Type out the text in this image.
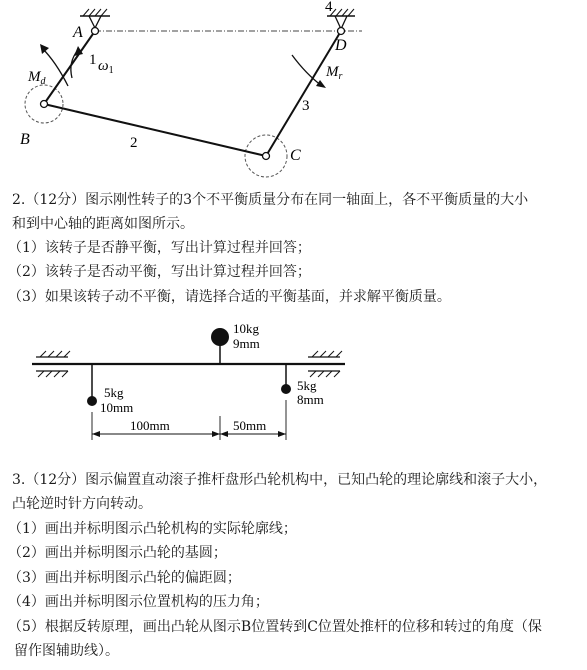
A
B
C
D
1
2
3
4
$\omega_1$
$M_d$
$M_r$
2.（12分）图示刚性转子的3个不平衡质量分布在同一轴面上，各不平衡质量的大小
和到中心轴的距离如图所示。
（1）该转子是否静平衡，写出计算过程并回答；
（2）该转子是否动平衡，写出计算过程并回答；
（3）如果该转子动不平衡，请选择合适的平衡基面，并求解平衡质量。
10kg
9mm
5kg
10mm
5kg
8mm
100mm	50mm
3.（12分）图示偏置直动滚子推杆盘形凸轮机构中，已知凸轮的理论廓线和滚子大小，
凸轮逆时针方向转动。
（1）画出并标明图示凸轮机构的实际轮廓线；
（2）画出并标明图示凸轮的基圆；
（3）画出并标明图示凸轮的偏距圆；
（4）画出并标明图示位置机构的压力角；
（5）根据反转原理，画出凸轮从图示B位置转到C位置处推杆的位移和转过的角度（保
留作图辅助线）。
